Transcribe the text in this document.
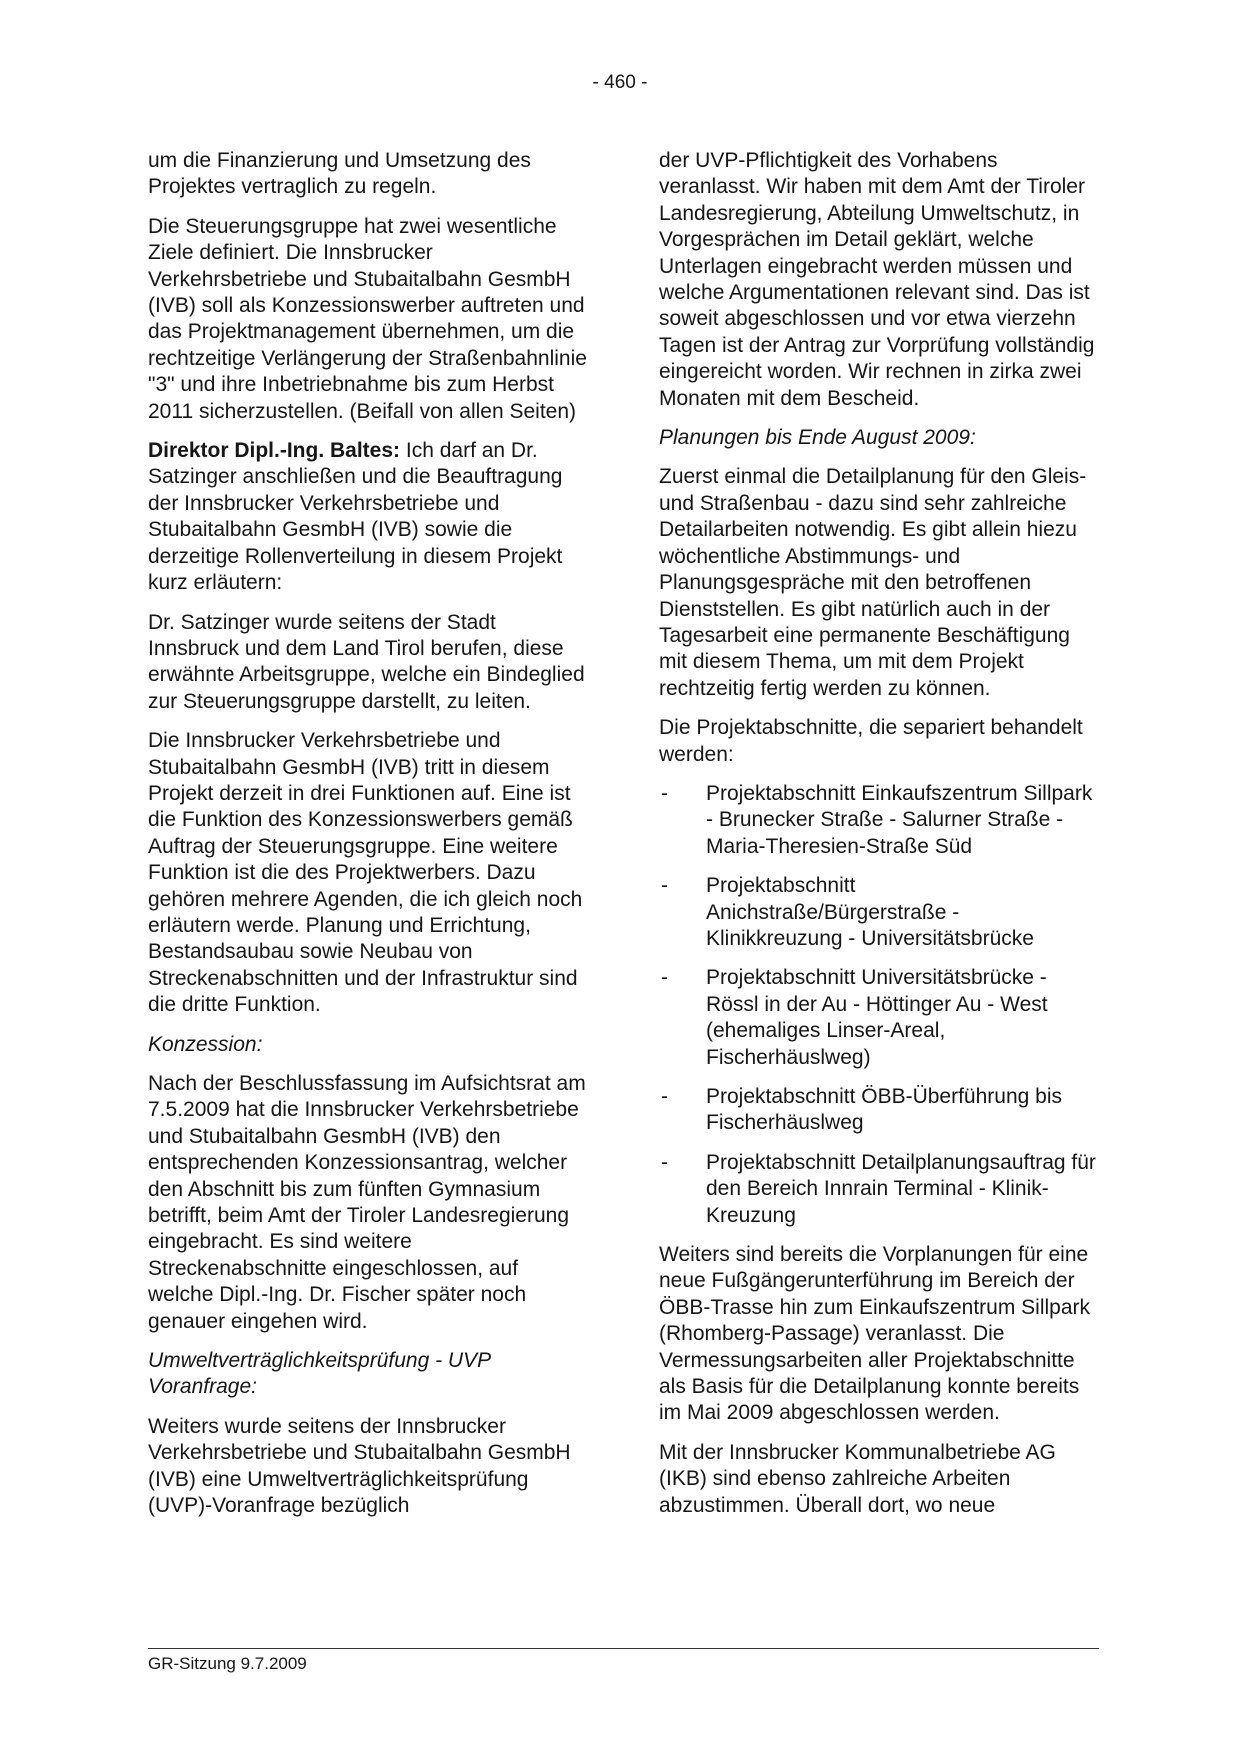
- 460 -

um die Finanzierung und Umsetzung des Projektes vertraglich zu regeln.

Die Steuerungsgruppe hat zwei wesentliche Ziele definiert. Die Innsbrucker Verkehrsbetriebe und Stubaitalbahn GesmbH (IVB) soll als Konzessionswerber auftreten und das Projektmanagement übernehmen, um die rechtzeitige Verlängerung der Straßenbahnlinie "3" und ihre Inbetriebnahme bis zum Herbst 2011 sicherzustellen. (Beifall von allen Seiten)

Direktor Dipl.-Ing. Baltes: Ich darf an Dr. Satzinger anschließen und die Beauftragung der Innsbrucker Verkehrsbetriebe und Stubaitalbahn GesmbH (IVB) sowie die derzeitige Rollenverteilung in diesem Projekt kurz erläutern:

Dr. Satzinger wurde seitens der Stadt Innsbruck und dem Land Tirol berufen, diese erwähnte Arbeitsgruppe, welche ein Bindeglied zur Steuerungsgruppe darstellt, zu leiten.

Die Innsbrucker Verkehrsbetriebe und Stubaitalbahn GesmbH (IVB) tritt in diesem Projekt derzeit in drei Funktionen auf. Eine ist die Funktion des Konzessionswerbers gemäß Auftrag der Steuerungsgruppe. Eine weitere Funktion ist die des Projektwerbers. Dazu gehören mehrere Agenden, die ich gleich noch erläutern werde. Planung und Errichtung, Bestandsaubau sowie Neubau von Streckenabschnitten und der Infrastruktur sind die dritte Funktion.

Konzession:

Nach der Beschlussfassung im Aufsichtsrat am 7.5.2009 hat die Innsbrucker Verkehrsbetriebe und Stubaitalbahn GesmbH (IVB) den entsprechenden Konzessionsantrag, welcher den Abschnitt bis zum fünften Gymnasium betrifft, beim Amt der Tiroler Landesregierung eingebracht. Es sind weitere Streckenabschnitte eingeschlossen, auf welche Dipl.-Ing. Dr. Fischer später noch genauer eingehen wird.

Umweltverträglichkeitsprüfung - UVP Voranfrage:

Weiters wurde seitens der Innsbrucker Verkehrsbetriebe und Stubaitalbahn GesmbH (IVB) eine Umweltverträglichkeitsprüfung (UVP)-Voranfrage bezüglich

der UVP-Pflichtigkeit des Vorhabens veranlasst. Wir haben mit dem Amt der Tiroler Landesregierung, Abteilung Umweltschutz, in Vorgesprächen im Detail geklärt, welche Unterlagen eingebracht werden müssen und welche Argumentationen relevant sind. Das ist soweit abgeschlossen und vor etwa vierzehn Tagen ist der Antrag zur Vorprüfung vollständig eingereicht worden. Wir rechnen in zirka zwei Monaten mit dem Bescheid.

Planungen bis Ende August 2009:

Zuerst einmal die Detailplanung für den Gleis- und Straßenbau - dazu sind sehr zahlreiche Detailarbeiten notwendig. Es gibt allein hiezu wöchentliche Abstimmungs- und Planungsgespräche mit den betroffenen Dienststellen. Es gibt natürlich auch in der Tagesarbeit eine permanente Beschäftigung mit diesem Thema, um mit dem Projekt rechtzeitig fertig werden zu können.

Die Projektabschnitte, die separiert behandelt werden:

- Projektabschnitt Einkaufszentrum Sillpark - Brunecker Straße - Salurner Straße - Maria-Theresien-Straße Süd
- Projektabschnitt Anichstraße/Bürgerstraße - Klinikkreuzung - Universitätsbrücke
- Projektabschnitt Universitätsbrücke - Rössl in der Au - Höttinger Au - West (ehemaliges Linser-Areal, Fischerhäuslweg)
- Projektabschnitt ÖBB-Überführung bis Fischerhäuslweg
- Projektabschnitt Detailplanungsauftrag für den Bereich Innrain Terminal - Klinik-Kreuzung

Weiters sind bereits die Vorplanungen für eine neue Fußgängerunterführung im Bereich der ÖBB-Trasse hin zum Einkaufszentrum Sillpark (Rhomberg-Passage) veranlasst. Die Vermessungsarbeiten aller Projektabschnitte als Basis für die Detailplanung konnte bereits im Mai 2009 abgeschlossen werden.

Mit der Innsbrucker Kommunalbetriebe AG (IKB) sind ebenso zahlreiche Arbeiten abzustimmen. Überall dort, wo neue

GR-Sitzung 9.7.2009
